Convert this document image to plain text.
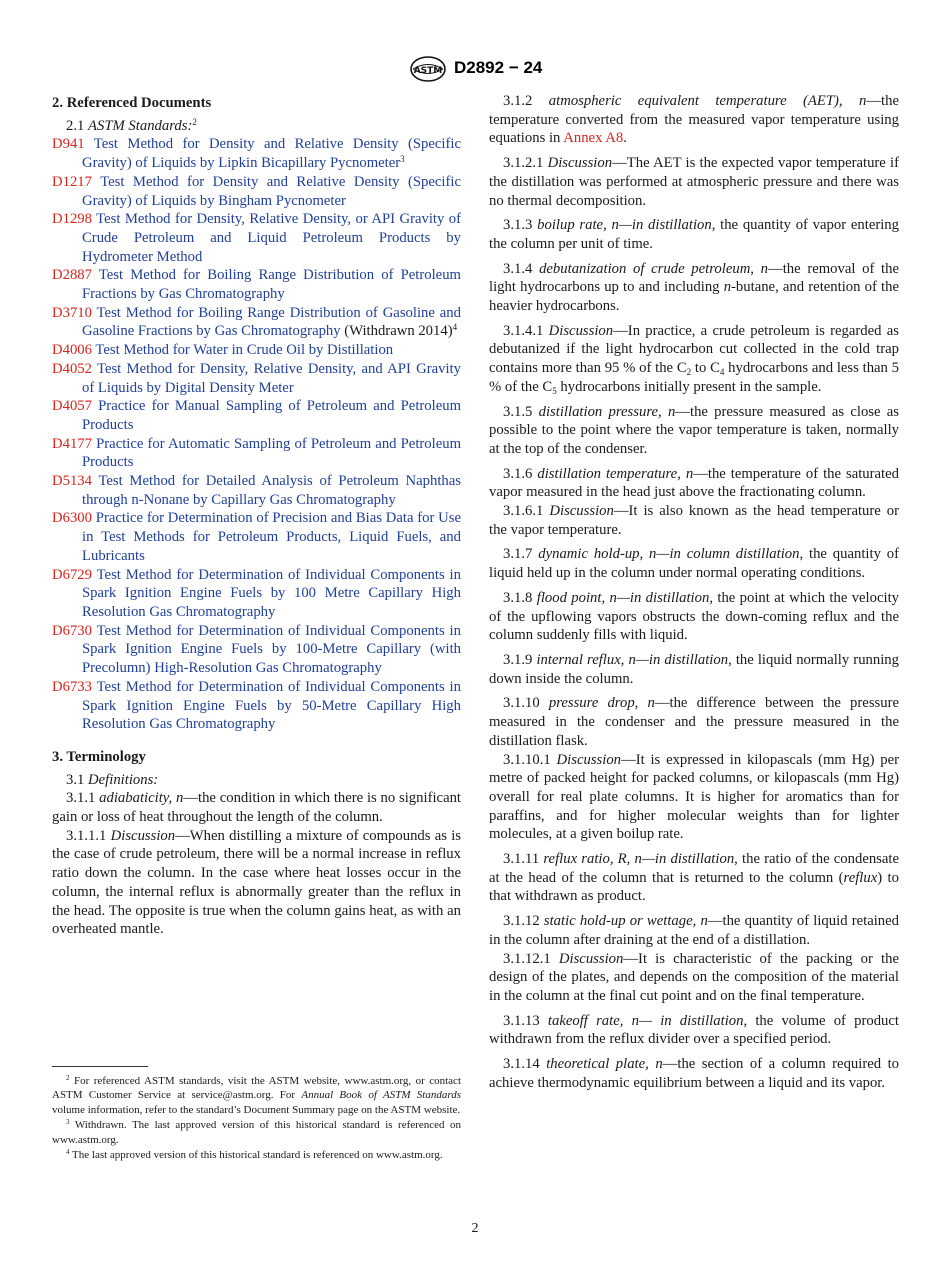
ASTM D2892 − 24
2. Referenced Documents

2.1 ASTM Standards:$^2$

D941 Test Method for Density and Relative Density (Specific Gravity) of Liquids by Lipkin Bicapillary Pycnometer$^3$

D1217 Test Method for Density and Relative Density (Specific Gravity) of Liquids by Bingham Pycnometer

D1298 Test Method for Density, Relative Density, or API Gravity of Crude Petroleum and Liquid Petroleum Products by Hydrometer Method

D2887 Test Method for Boiling Range Distribution of Petroleum Fractions by Gas Chromatography

D3710 Test Method for Boiling Range Distribution of Gasoline and Gasoline Fractions by Gas Chromatography (Withdrawn 2014)$^4$

D4006 Test Method for Water in Crude Oil by Distillation

D4052 Test Method for Density, Relative Density, and API Gravity of Liquids by Digital Density Meter

D4057 Practice for Manual Sampling of Petroleum and Petroleum Products

D4177 Practice for Automatic Sampling of Petroleum and Petroleum Products

D5134 Test Method for Detailed Analysis of Petroleum Naphthas through n-Nonane by Capillary Gas Chromatography

D6300 Practice for Determination of Precision and Bias Data for Use in Test Methods for Petroleum Products, Liquid Fuels, and Lubricants

D6729 Test Method for Determination of Individual Components in Spark Ignition Engine Fuels by 100 Metre Capillary High Resolution Gas Chromatography

D6730 Test Method for Determination of Individual Components in Spark Ignition Engine Fuels by 100-Metre Capillary (with Precolumn) High-Resolution Gas Chromatography

D6733 Test Method for Determination of Individual Components in Spark Ignition Engine Fuels by 50-Metre Capillary High Resolution Gas Chromatography

3. Terminology

3.1 Definitions:

3.1.1 adiabaticity, n—the condition in which there is no significant gain or loss of heat throughout the length of the column.

3.1.1.1 Discussion—When distilling a mixture of compounds as is the case of crude petroleum, there will be a normal increase in reflux ratio down the column. In the case where heat losses occur in the column, the internal reflux is abnormally greater than the reflux in the head. The opposite is true when the column gains heat, as with an overheated mantle.

3.1.2 atmospheric equivalent temperature (AET), n—the temperature converted from the measured vapor temperature using equations in Annex A8.

3.1.2.1 Discussion—The AET is the expected vapor temperature if the distillation was performed at atmospheric pressure and there was no thermal decomposition.

3.1.3 boilup rate, n—in distillation, the quantity of vapor entering the column per unit of time.

3.1.4 debutanization of crude petroleum, n—the removal of the light hydrocarbons up to and including n-butane, and retention of the heavier hydrocarbons.

3.1.4.1 Discussion—In practice, a crude petroleum is regarded as debutanized if the light hydrocarbon cut collected in the cold trap contains more than 95 % of the $C_2$ to $C_4$ hydrocarbons and less than 5 % of the $C_5$ hydrocarbons initially present in the sample.

3.1.5 distillation pressure, n—the pressure measured as close as possible to the point where the vapor temperature is taken, normally at the top of the condenser.

3.1.6 distillation temperature, n—the temperature of the saturated vapor measured in the head just above the fractionating column.

3.1.6.1 Discussion—It is also known as the head temperature or the vapor temperature.

3.1.7 dynamic hold-up, n—in column distillation, the quantity of liquid held up in the column under normal operating conditions.

3.1.8 flood point, n—in distillation, the point at which the velocity of the upflowing vapors obstructs the down-coming reflux and the column suddenly fills with liquid.

3.1.9 internal reflux, n—in distillation, the liquid normally running down inside the column.

3.1.10 pressure drop, n—the difference between the pressure measured in the condenser and the pressure measured in the distillation flask.

3.1.10.1 Discussion—It is expressed in kilopascals (mm Hg) per metre of packed height for packed columns, or kilopascals (mm Hg) overall for real plate columns. It is higher for aromatics than for paraffins, and for higher molecular weights than for lighter molecules, at a given boilup rate.

3.1.11 reflux ratio, R, n—in distillation, the ratio of the condensate at the head of the column that is returned to the column (reflux) to that withdrawn as product.

3.1.12 static hold-up or wettage, n—the quantity of liquid retained in the column after draining at the end of a distillation.

3.1.12.1 Discussion—It is characteristic of the packing or the design of the plates, and depends on the composition of the material in the column at the final cut point and on the final temperature.

3.1.13 takeoff rate, n— in distillation, the volume of product withdrawn from the reflux divider over a specified period.

3.1.14 theoretical plate, n—the section of a column required to achieve thermodynamic equilibrium between a liquid and its vapor.

$^2$ For referenced ASTM standards, visit the ASTM website, www.astm.org, or contact ASTM Customer Service at service@astm.org. For Annual Book of ASTM Standards volume information, refer to the standard’s Document Summary page on the ASTM website.

$^3$ Withdrawn. The last approved version of this historical standard is referenced on www.astm.org.

$^4$ The last approved version of this historical standard is referenced on www.astm.org.

2
